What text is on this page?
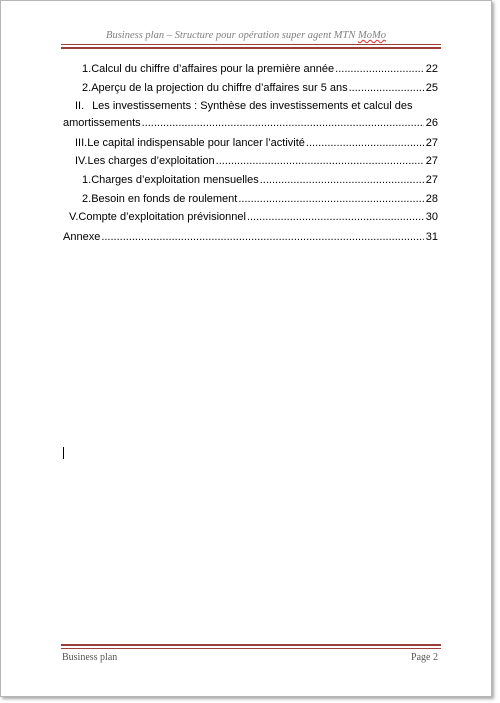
Business plan – Structure pour opération super agent MTN MoMo
1. Calcul du chiffre d’affaires pour la première année .....	22
2. Aperçu de la projection du chiffre d’affaires sur 5 ans .....	25
II. Les investissements : Synthèse des investissements et calcul des
amortissements .....	26
III. Le capital indispensable pour lancer l’activité .....	27
IV. Les charges d’exploitation .....	27
1. Charges d’exploitation mensuelles .....	27
2. Besoin en fonds de roulement .....	28
V. Compte d’exploitation prévisionnel .....	30
Annexe .....	31
Business plan	Page 2
